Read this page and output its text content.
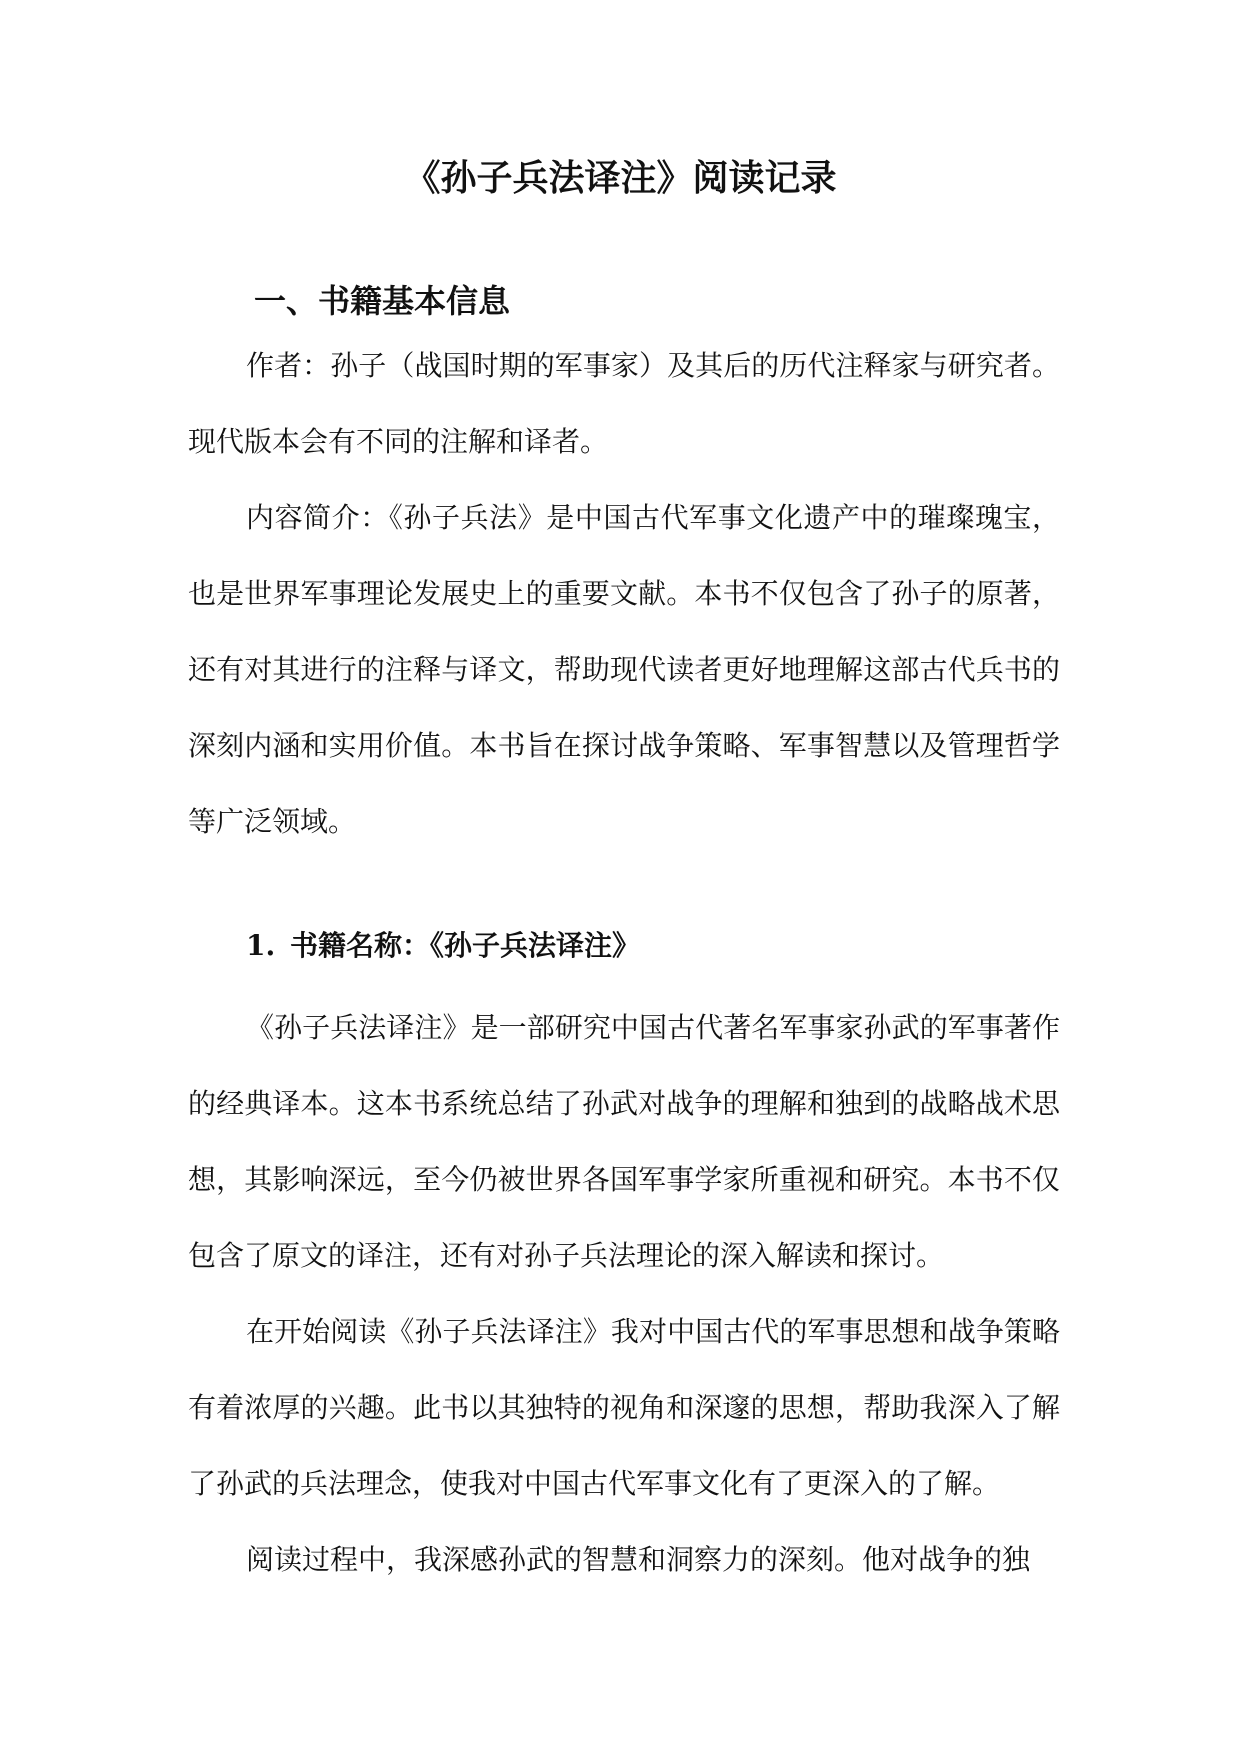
《孙子兵法译注》阅读记录
一、书籍基本信息

作者：孙子（战国时期的军事家）及其后的历代注释家与研究者。现代版本会有不同的注解和译者。

内容简介：《孙子兵法》是中国古代军事文化遗产中的璀璨瑰宝，也是世界军事理论发展史上的重要文献。本书不仅包含了孙子的原著，还有对其进行的注释与译文，帮助现代读者更好地理解这部古代兵书的深刻内涵和实用价值。本书旨在探讨战争策略、军事智慧以及管理哲学等广泛领域。

1. 书籍名称：《孙子兵法译注》

《孙子兵法译注》是一部研究中国古代著名军事家孙武的军事著作的经典译本。这本书系统总结了孙武对战争的理解和独到的战略战术思想，其影响深远，至今仍被世界各国军事学家所重视和研究。本书不仅包含了原文的译注，还有对孙子兵法理论的深入解读和探讨。

在开始阅读《孙子兵法译注》我对中国古代的军事思想和战争策略有着浓厚的兴趣。此书以其独特的视角和深邃的思想，帮助我深入了解了孙武的兵法理念，使我对中国古代军事文化有了更深入的了解。

阅读过程中，我深感孙武的智慧和洞察力的深刻。他对战争的独
